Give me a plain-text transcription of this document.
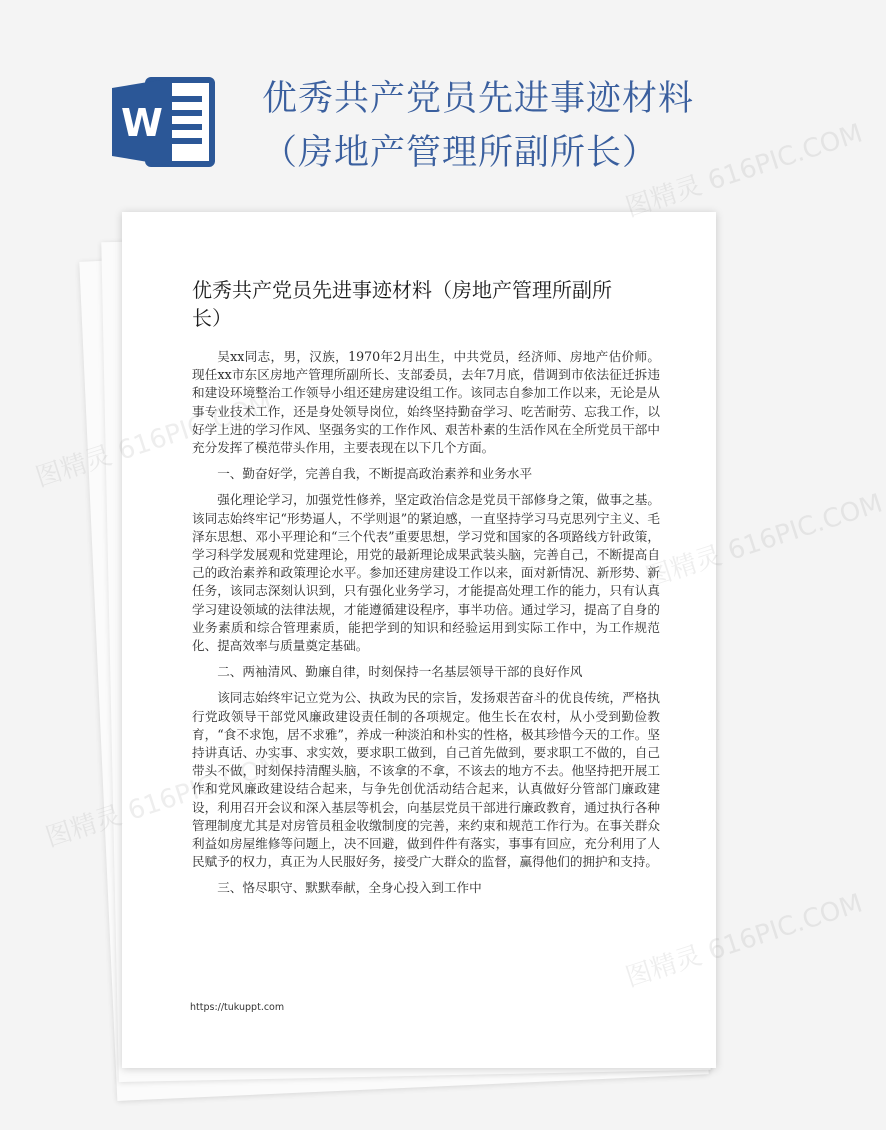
W
优秀共产党员先进事迹材料（房地产管理所副所长）
优秀共产党员先进事迹材料（房地产管理所副所长）

吴xx同志，男，汉族，1970年2月出生，中共党员，经济师、房地产估价师。现任xx市东区房地产管理所副所长、支部委员，去年7月底，借调到市依法征迁拆违和建设环境整治工作领导小组还建房建设组工作。该同志自参加工作以来，无论是从事专业技术工作，还是身处领导岗位，始终坚持勤奋学习、吃苦耐劳、忘我工作，以好学上进的学习作风、坚强务实的工作作风、艰苦朴素的生活作风在全所党员干部中充分发挥了模范带头作用，主要表现在以下几个方面。

一、勤奋好学，完善自我，不断提高政治素养和业务水平

强化理论学习，加强党性修养，坚定政治信念是党员干部修身之策，做事之基。该同志始终牢记“形势逼人，不学则退”的紧迫感，一直坚持学习马克思列宁主义、毛泽东思想、邓小平理论和“三个代表”重要思想，学习党和国家的各项路线方针政策，学习科学发展观和党建理论，用党的最新理论成果武装头脑，完善自己，不断提高自己的政治素养和政策理论水平。参加还建房建设工作以来，面对新情况、新形势、新任务，该同志深刻认识到，只有强化业务学习，才能提高处理工作的能力，只有认真学习建设领域的法律法规，才能遵循建设程序，事半功倍。通过学习，提高了自身的业务素质和综合管理素质，能把学到的知识和经验运用到实际工作中，为工作规范化、提高效率与质量奠定基础。

二、两袖清风、勤廉自律，时刻保持一名基层领导干部的良好作风

该同志始终牢记立党为公、执政为民的宗旨，发扬艰苦奋斗的优良传统，严格执行党政领导干部党风廉政建设责任制的各项规定。他生长在农村，从小受到勤俭教育，“食不求饱，居不求雅”，养成一种淡泊和朴实的性格，极其珍惜今天的工作。坚持讲真话、办实事、求实效，要求职工做到，自己首先做到，要求职工不做的，自己带头不做，时刻保持清醒头脑，不该拿的不拿，不该去的地方不去。他坚持把开展工作和党风廉政建设结合起来，与争先创优活动结合起来，认真做好分管部门廉政建设，利用召开会议和深入基层等机会，向基层党员干部进行廉政教育，通过执行各种管理制度尤其是对房管员租金收缴制度的完善，来约束和规范工作行为。在事关群众利益如房屋维修等问题上，决不回避，做到件件有落实，事事有回应，充分利用了人民赋予的权力，真正为人民服好务，接受广大群众的监督，赢得他们的拥护和支持。

三、恪尽职守、默默奉献，全身心投入到工作中

https://tukuppt.com
图精灵 616PIC.COM
图精灵
图精灵 616PIC.COM
图精灵
图精灵 616PIC.COM
